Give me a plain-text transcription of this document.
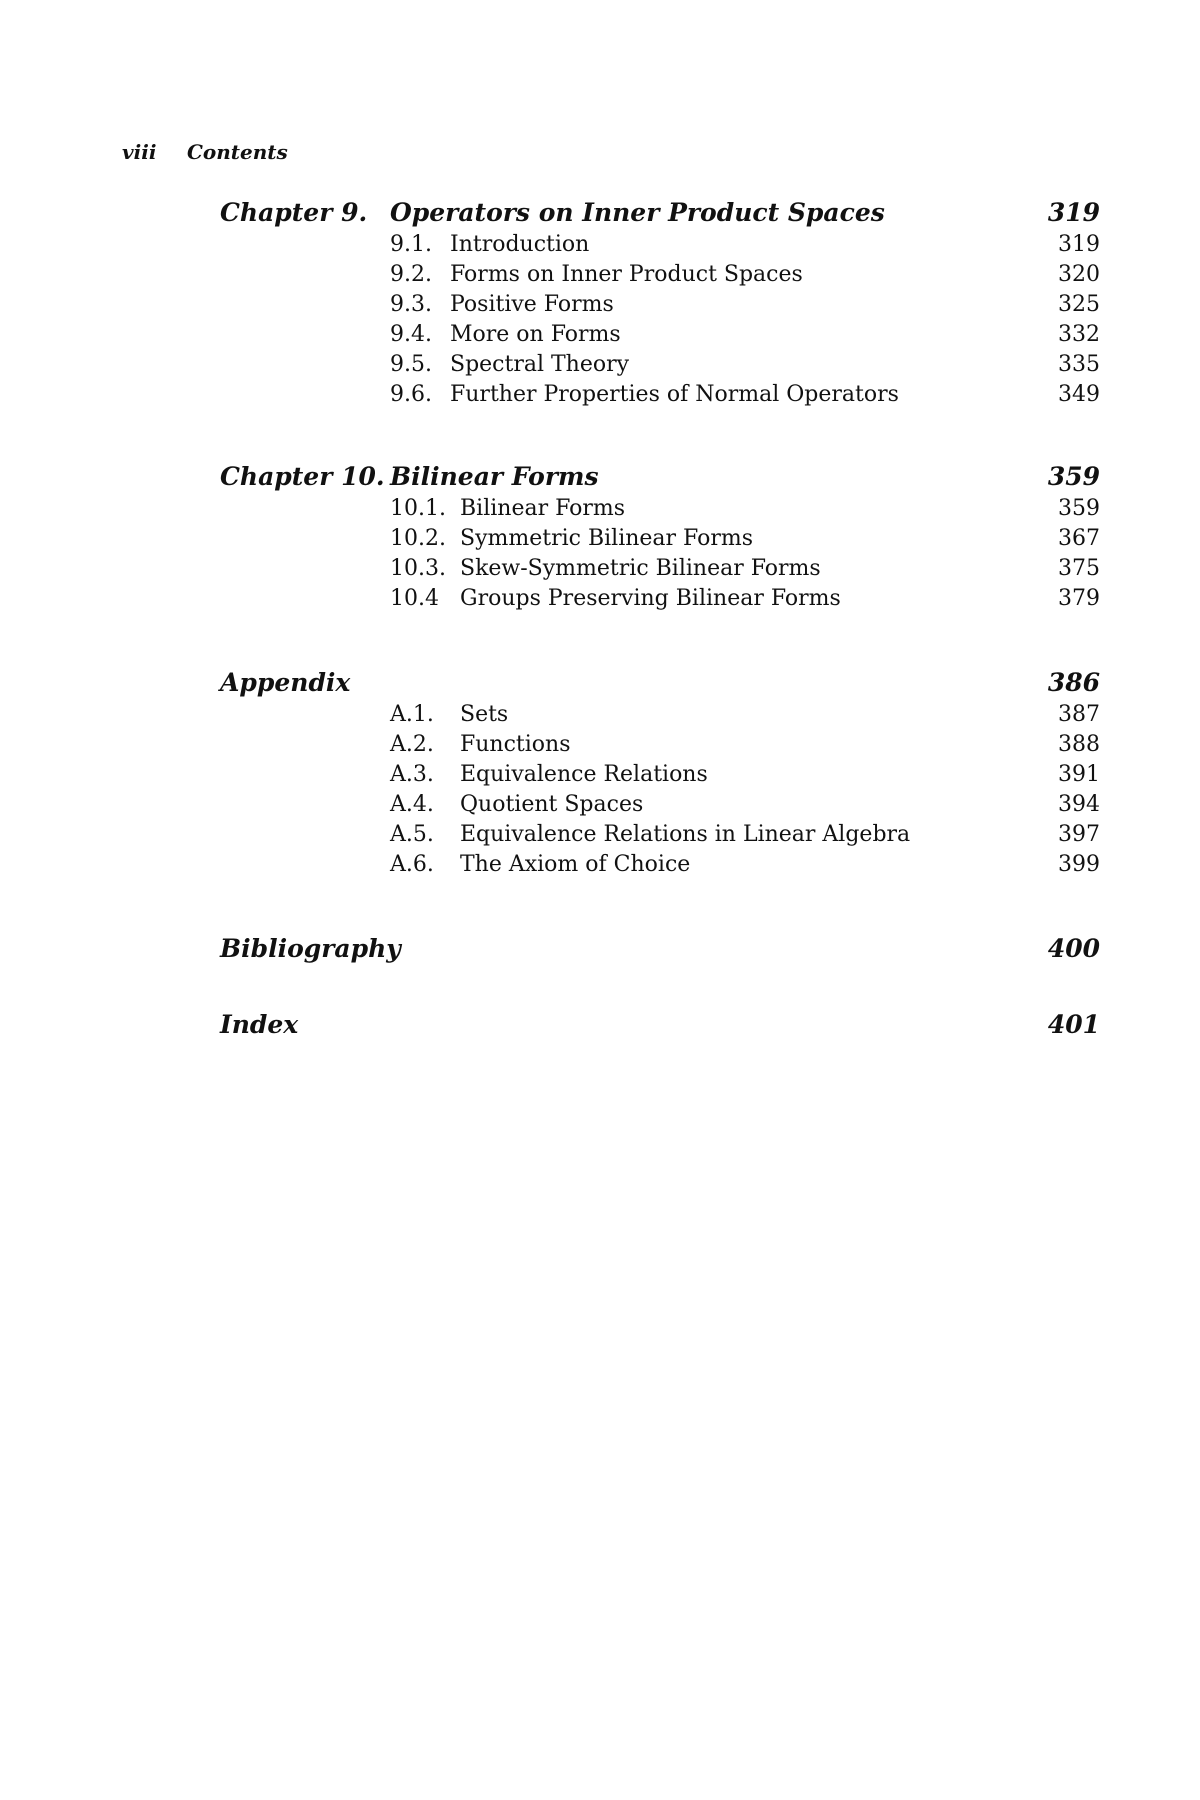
viii Contents
Chapter 9. Operators on Inner Product Spaces	319
9.1. Introduction	319
9.2. Forms on Inner Product Spaces	320
9.3. Positive Forms	325
9.4. More on Forms	332
9.5. Spectral Theory	335
9.6. Further Properties of Normal Operators	349
Chapter 10. Bilinear Forms	359
10.1. Bilinear Forms	359
10.2. Symmetric Bilinear Forms	367
10.3. Skew-Symmetric Bilinear Forms	375
10.4 Groups Preserving Bilinear Forms	379
Appendix	386
A.1. Sets	387
A.2. Functions	388
A.3. Equivalence Relations	391
A.4. Quotient Spaces	394
A.5. Equivalence Relations in Linear Algebra	397
A.6. The Axiom of Choice	399
Bibliography	400
Index	401
